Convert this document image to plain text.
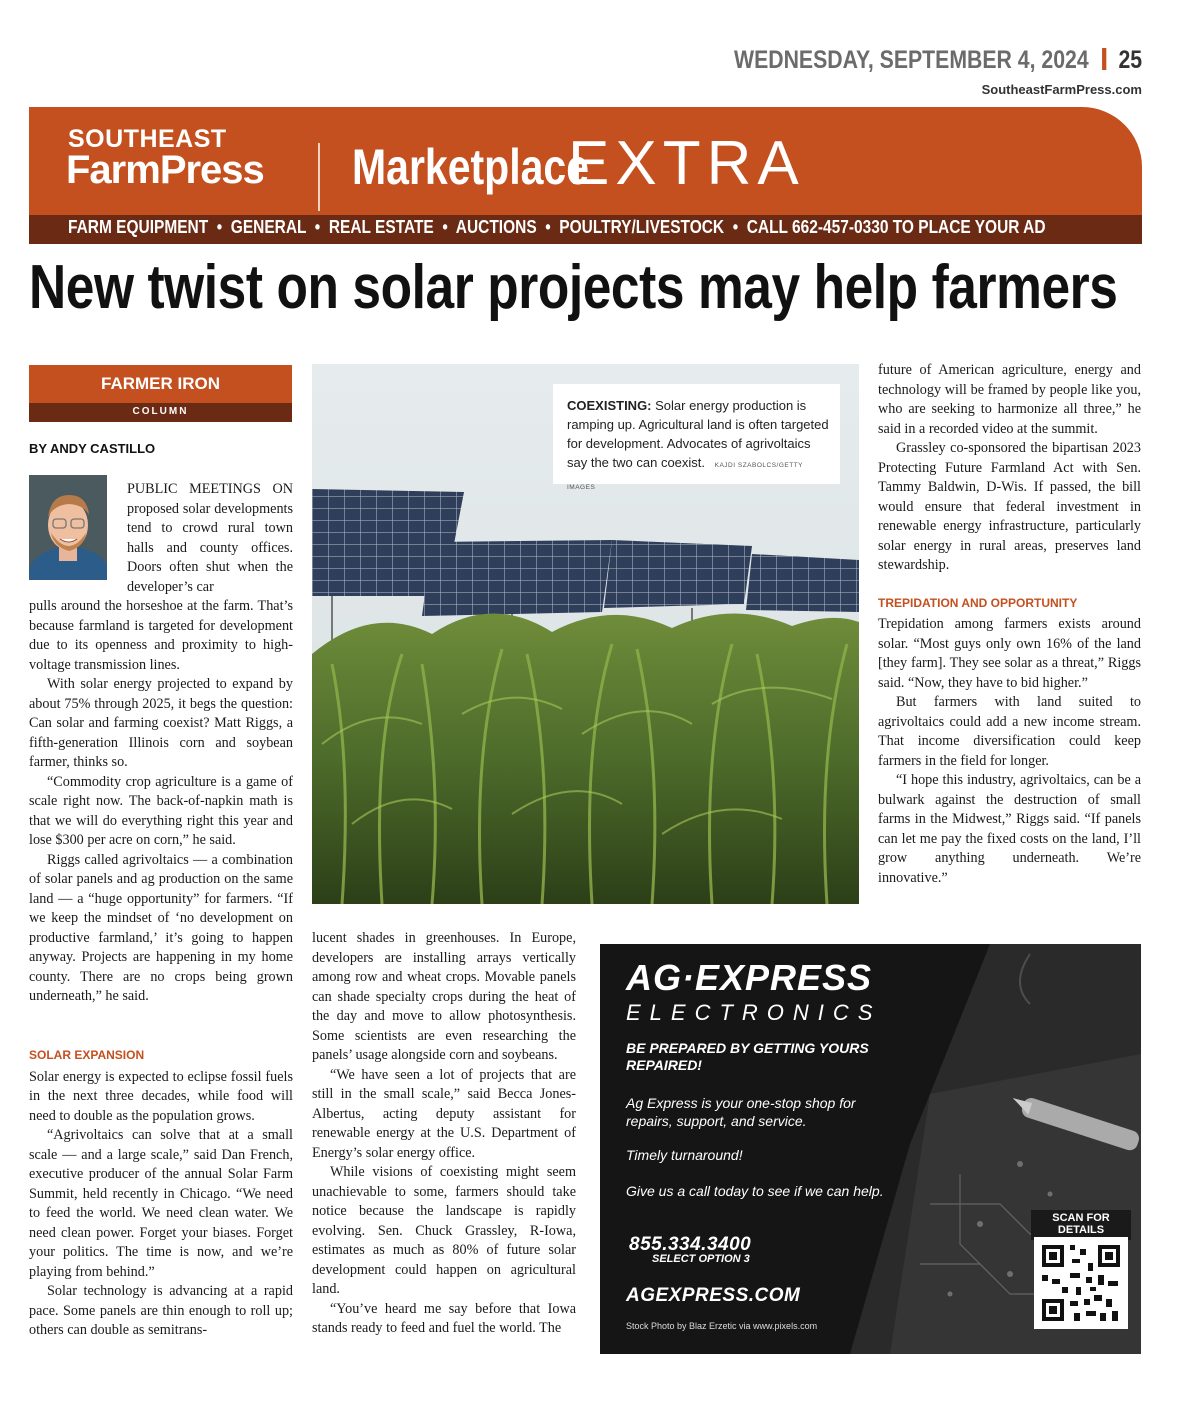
WEDNESDAY, SEPTEMBER 4, 2024 25
SoutheastFarmPress.com
SOUTHEAST
FarmPress Marketplace
EXTRA
FARM EQUIPMENT  •  GENERAL  •  REAL ESTATE  •  AUCTIONS  •  POULTRY/LIVESTOCK  •  CALL 662-457-0330 TO PLACE YOUR AD
New twist on solar projects may help farmers
FARMER IRON
COLUMN
BY ANDY CASTILLO

PUBLIC MEETINGS ON proposed solar developments tend to crowd rural town halls and county offices. Doors often shut when the developer’s car

pulls around the horseshoe at the farm. That’s because farmland is targeted for development due to its openness and proximity to high-voltage transmission lines.

With solar energy projected to expand by about 75% through 2025, it begs the question: Can solar and farming coexist? Matt Riggs, a fifth-generation Illinois corn and soybean farmer, thinks so.

“Commodity crop agriculture is a game of scale right now. The back-of-napkin math is that we will do everything right this year and lose $300 per acre on corn,” he said.

Riggs called agrivoltaics — a combination of solar panels and ag production on the same land — a “huge opportunity” for farmers. “If we keep the mindset of ‘no development on productive farmland,’ it’s going to happen anyway. Projects are happening in my home county. There are no crops being grown underneath,” he said.

SOLAR EXPANSION

Solar energy is expected to eclipse fossil fuels in the next three decades, while food will need to double as the population grows.

“Agrivoltaics can solve that at a small scale — and a large scale,” said Dan French, executive producer of the annual Solar Farm Summit, held recently in Chicago. “We need to feed the world. We need clean water. We need clean power. Forget your biases. Forget your politics. The time is now, and we’re playing from behind.”

Solar technology is advancing at a rapid pace. Some panels are thin enough to roll up; others can double as semitrans-

COEXISTING: Solar energy production is ramping up. Agricultural land is often targeted for development. Advocates of agrivoltaics say the two can coexist. KAJDI SZABOLCS/GETTY IMAGES

lucent shades in greenhouses. In Europe, developers are installing arrays vertically among row and wheat crops. Movable panels can shade specialty crops during the heat of the day and move to allow photosynthesis. Some scientists are even researching the panels’ usage alongside corn and soybeans.

“We have seen a lot of projects that are still in the small scale,” said Becca Jones-Albertus, acting deputy assistant for renewable energy at the U.S. Department of Energy’s solar energy office.

While visions of coexisting might seem unachievable to some, farmers should take notice because the landscape is rapidly evolving. Sen. Chuck Grassley, R-Iowa, estimates as much as 80% of future solar development could happen on agricultural land.

“You’ve heard me say before that Iowa stands ready to feed and fuel the world. The

future of American agriculture, energy and technology will be framed by people like you, who are seeking to harmonize all three,” he said in a recorded video at the summit.

Grassley co-sponsored the bipartisan 2023 Protecting Future Farmland Act with Sen. Tammy Baldwin, D-Wis. If passed, the bill would ensure that federal investment in renewable energy infrastructure, particularly solar energy in rural areas, preserves land stewardship.

TREPIDATION AND OPPORTUNITY

Trepidation among farmers exists around solar. “Most guys only own 16% of the land [they farm]. They see solar as a threat,” Riggs said. “Now, they have to bid higher.”

But farmers with land suited to agrivoltaics could add a new income stream. That income diversification could keep farmers in the field for longer.

“I hope this industry, agrivoltaics, can be a bulwark against the destruction of small farms in the Midwest,” Riggs said. “If panels can let me pay the fixed costs on the land, I’ll grow anything underneath. We’re innovative.”

AG·EXPRESS
ELECTRONICS
BE PREPARED BY GETTING YOURS REPAIRED!
Ag Express is your one-stop shop for repairs, support, and service.
Timely turnaround!
Give us a call today to see if we can help.
855.334.3400
SELECT OPTION 3
AGEXPRESS.COM
Stock Photo by Blaz Erzetic via www.pixels.com
SCAN FOR DETAILS
